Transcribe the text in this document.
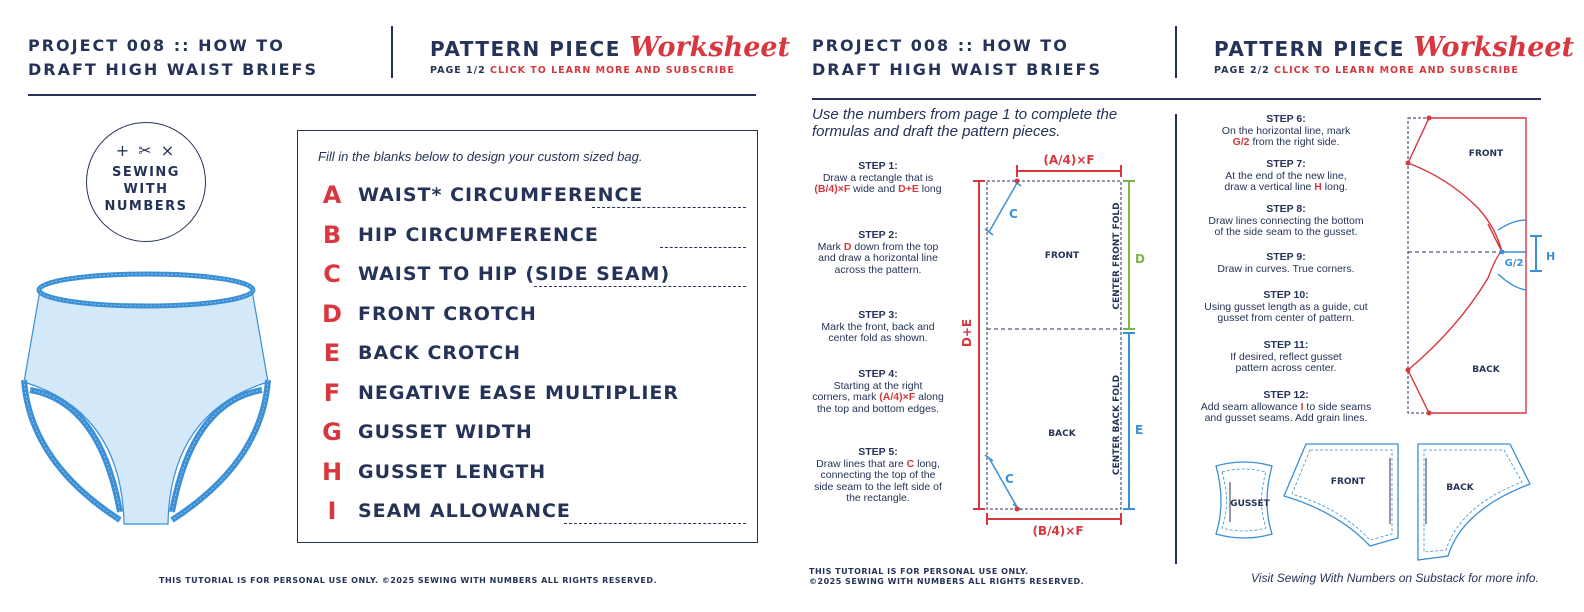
PROJECT 008 :: HOW TO
DRAFT HIGH WAIST BRIEFS
PATTERN PIECE Worksheet
PAGE 1/2 CLICK TO LEARN MORE AND SUBSCRIBE
+ ✂ ×
SEWING
WITH
NUMBERS
Fill in the blanks below to design your custom sized bag.
A WAIST* CIRCUMFERENCE
B HIP CIRCUMFERENCE
C WAIST TO HIP (SIDE SEAM)
D FRONT CROTCH
E BACK CROTCH
F NEGATIVE EASE MULTIPLIER
G GUSSET WIDTH
H GUSSET LENGTH
I	SEAM ALLOWANCE
THIS TUTORIAL IS FOR PERSONAL USE ONLY. ©2025 SEWING WITH NUMBERS ALL RIGHTS RESERVED.
PROJECT 008 :: HOW TO
DRAFT HIGH WAIST BRIEFS
PATTERN PIECE Worksheet
PAGE 2/2 CLICK TO LEARN MORE AND SUBSCRIBE
Use the numbers from page 1 to complete the
formulas and draft the pattern pieces.
STEP 1:
Draw a rectangle that is
(B/4)×F wide and D+E long
STEP 2:
Mark D down from the top
and draw a horizontal line
across the pattern.
STEP 3:
Mark the front, back and
center fold as shown.
STEP 4:
Starting at the right
corners, mark (A/4)×F along
the top and bottom edges.
STEP 5:
Draw lines that are C long,
connecting the top of the
side seam to the left side of
the rectangle.
(A/4)×F
D+E
(B/4)×F
C
C
FRONT
BACK
CENTER FRONT FOLD
CENTER BACK FOLD
D
E
STEP 6:
On the horizontal line, mark
G/2 from the right side.
STEP 7:
At the end of the new line,
draw a vertical line H long.
STEP 8:
Draw lines connecting the bottom
of the side seam to the gusset.
STEP 9:
Draw in curves. True corners.
STEP 10:
Using gusset length as a guide, cut
gusset from center of pattern.
STEP 11:
If desired, reflect gusset
pattern across center.
STEP 12:
Add seam allowance I to side seams
and gusset seams. Add grain lines.
FRONT
BACK
G/2
H
GUSSET
FRONT
BACK
THIS TUTORIAL IS FOR PERSONAL USE ONLY.
©2025 SEWING WITH NUMBERS ALL RIGHTS RESERVED.	Visit Sewing With Numbers on Substack for more info.
